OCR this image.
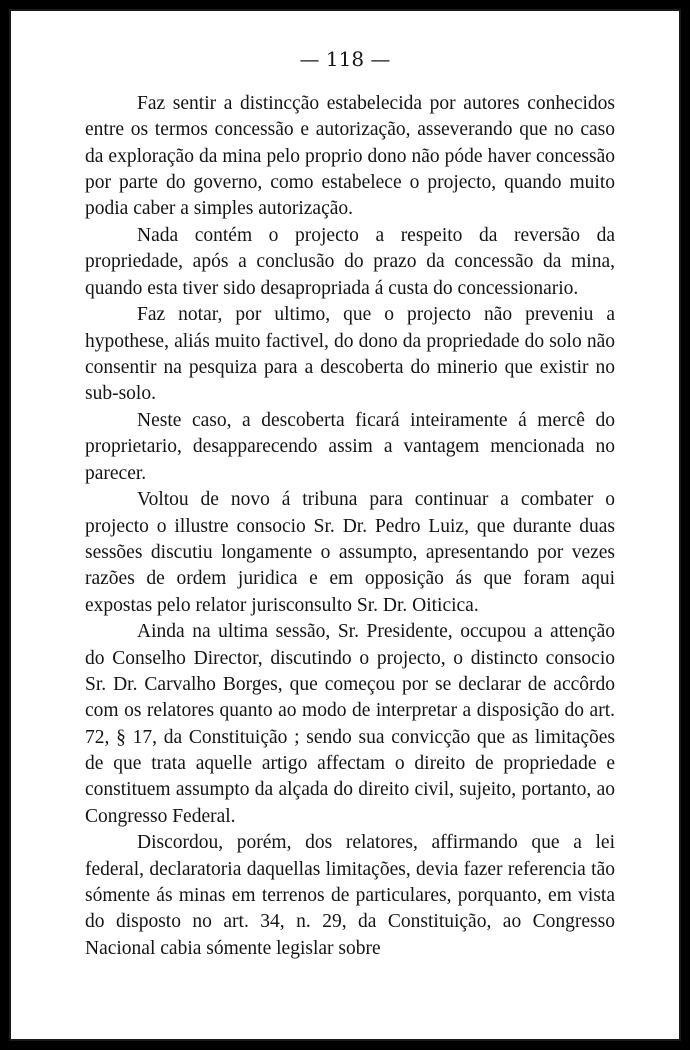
— 118 —

Faz sentir a distincção estabelecida por autores conhecidos entre os termos concessão e autorização, asseverando que no caso da exploração da mina pelo proprio dono não póde haver concessão por parte do governo, como estabelece o projecto, quando muito podia caber a simples autorização.

Nada contém o projecto a respeito da reversão da propriedade, após a conclusão do prazo da concessão da mina, quando esta tiver sido desapropriada á custa do concessionario.

Faz notar, por ultimo, que o projecto não preveniu a hypothese, aliás muito factivel, do dono da propriedade do solo não consentir na pesquiza para a descoberta do minerio que existir no sub-solo.

Neste caso, a descoberta ficará inteiramente á mercê do proprietario, desapparecendo assim a vantagem mencionada no parecer.

Voltou de novo á tribuna para continuar a combater o projecto o illustre consocio Sr. Dr. Pedro Luiz, que durante duas sessões discutiu longamente o assumpto, apresentando por vezes razões de ordem juridica e em opposição ás que foram aqui expostas pelo relator jurisconsulto Sr. Dr. Oiticica.

Ainda na ultima sessão, Sr. Presidente, occupou a attenção do Conselho Director, discutindo o projecto, o distincto consocio Sr. Dr. Carvalho Borges, que começou por se declarar de accôrdo com os relatores quanto ao modo de interpretar a disposição do art. 72, § 17, da Constituição ; sendo sua convicção que as limitações de que trata aquelle artigo affectam o direito de propriedade e constituem assumpto da alçada do direito civil, sujeito, portanto, ao Congresso Federal.

Discordou, porém, dos relatores, affirmando que a lei federal, declaratoria daquellas limitações, devia fazer referencia tão sómente ás minas em terrenos de particulares, porquanto, em vista do disposto no art. 34, n. 29, da Constituição, ao Congresso Nacional cabia sómente legislar sobre
